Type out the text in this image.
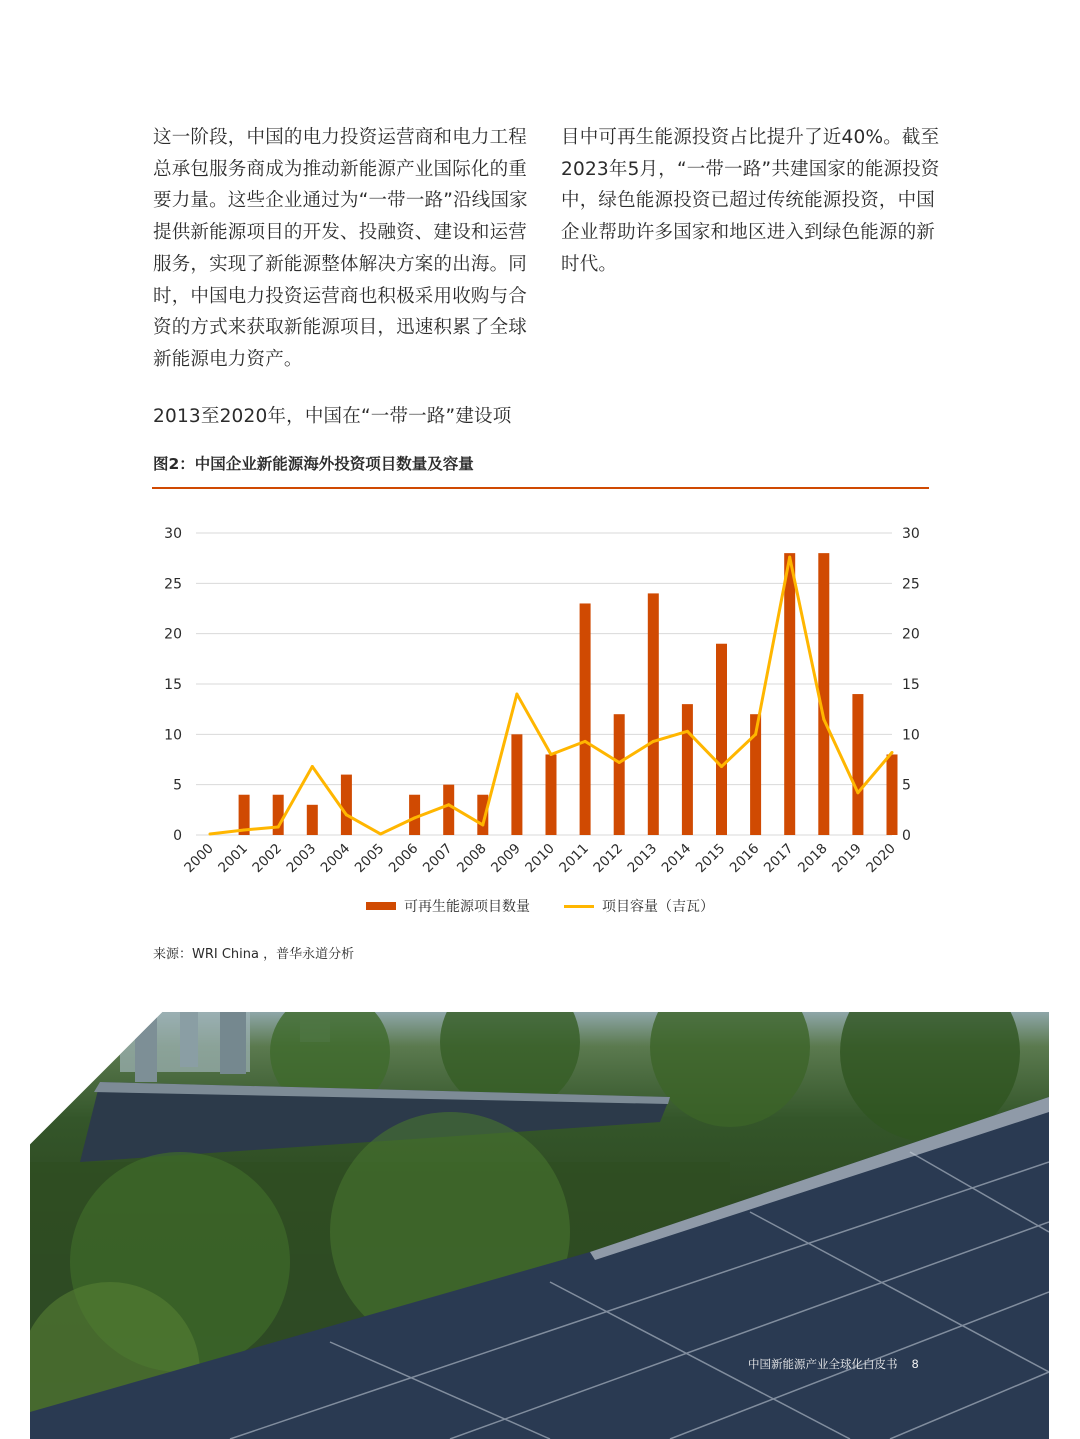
这一阶段，中国的电力投资运营商和电力工程总承包服务商成为推动新能源产业国际化的重要力量。这些企业通过为“一带一路”沿线国家提供新能源项目的开发、投融资、建设和运营服务，实现了新能源整体解决方案的出海。同时，中国电力投资运营商也积极采用收购与合资的方式来获取新能源项目，迅速积累了全球新能源电力资产。

2013至2020年，中国在“一带一路”建设项

目中可再生能源投资占比提升了近40%。截至2023年5月，“一带一路”共建国家的能源投资中，绿色能源投资已超过传统能源投资，中国企业帮助许多国家和地区进入到绿色能源的新时代。

图2：中国企业新能源海外投资项目数量及容量
0	0
5	5
10	10
15	15
20	20
25	25
30	30
2000
2001
2002
2003
2004
2005
2006
2007
2008
2009
2010
2011
2012
2013
2014
2015
2016
2017
2018
2019
2020
可再生能源项目数量	项目容量（吉瓦）
来源：WRI China ，普华永道分析
中国新能源产业全球化白皮书 8
